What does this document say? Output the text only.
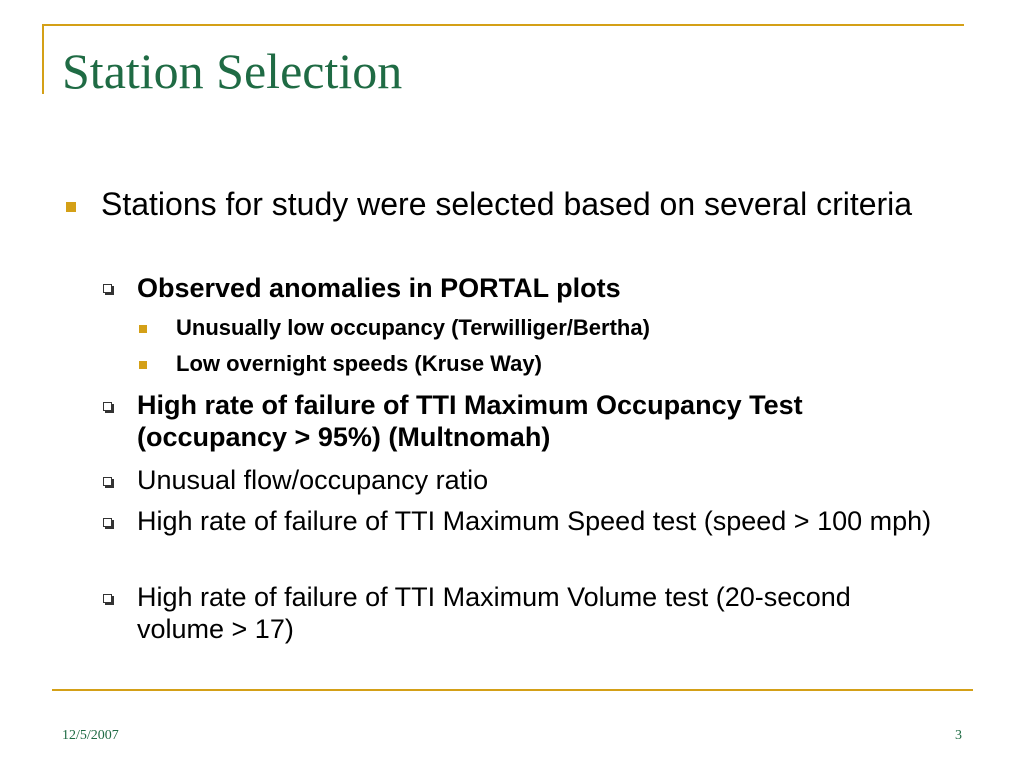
Station Selection
Stations for study were selected based on several criteria
Observed anomalies in PORTAL plots
Unusually low occupancy (Terwilliger/Bertha)
Low overnight speeds (Kruse Way)
High rate of failure of TTI Maximum Occupancy Test (occupancy > 95%) (Multnomah)
Unusual flow/occupancy ratio
High rate of failure of TTI Maximum Speed test (speed > 100 mph)
High rate of failure of TTI Maximum Volume test (20-second volume > 17)
12/5/2007	3
